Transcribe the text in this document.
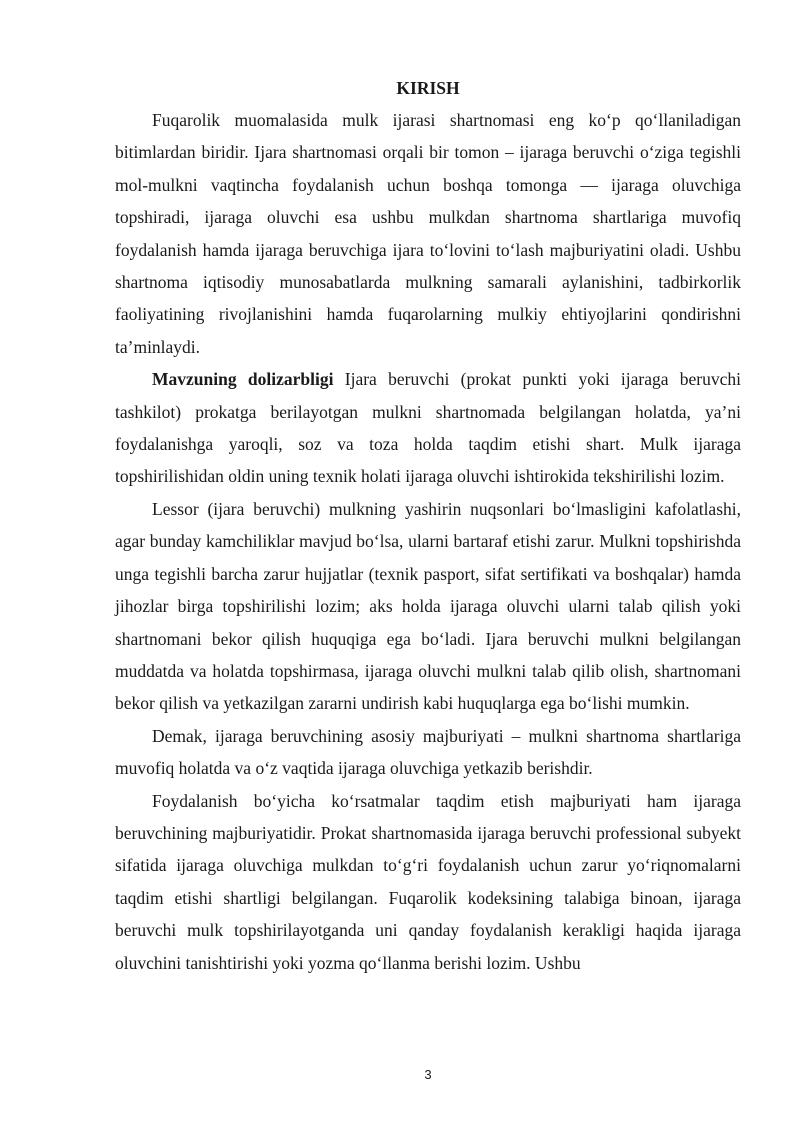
KIRISH

Fuqarolik muomalasida mulk ijarasi shartnomasi eng ko‘p qo‘llaniladigan bitimlardan biridir. Ijara shartnomasi orqali bir tomon – ijaraga beruvchi o‘ziga tegishli mol-mulkni vaqtincha foydalanish uchun boshqa tomonga — ijaraga oluvchiga topshiradi, ijaraga oluvchi esa ushbu mulkdan shartnoma shartlariga muvofiq foydalanish hamda ijaraga beruvchiga ijara to‘lovini to‘lash majburiyatini oladi. Ushbu shartnoma iqtisodiy munosabatlarda mulkning samarali aylanishini, tadbirkorlik faoliyatining rivojlanishini hamda fuqarolarning mulkiy ehtiyojlarini qondirishni ta’minlaydi.

Mavzuning dolizarbligi Ijara beruvchi (prokat punkti yoki ijaraga beruvchi tashkilot) prokatga berilayotgan mulkni shartnomada belgilangan holatda, ya’ni foydalanishga yaroqli, soz va toza holda taqdim etishi shart. Mulk ijaraga topshirilishidan oldin uning texnik holati ijaraga oluvchi ishtirokida tekshirilishi lozim.

Lessor (ijara beruvchi) mulkning yashirin nuqsonlari bo‘lmasligini kafolatlashi, agar bunday kamchiliklar mavjud bo‘lsa, ularni bartaraf etishi zarur. Mulkni topshirishda unga tegishli barcha zarur hujjatlar (texnik pasport, sifat sertifikati va boshqalar) hamda jihozlar birga topshirilishi lozim; aks holda ijaraga oluvchi ularni talab qilish yoki shartnomani bekor qilish huquqiga ega bo‘ladi. Ijara beruvchi mulkni belgilangan muddatda va holatda topshirmasa, ijaraga oluvchi mulkni talab qilib olish, shartnomani bekor qilish va yetkazilgan zararni undirish kabi huquqlarga ega bo‘lishi mumkin.

Demak, ijaraga beruvchining asosiy majburiyati – mulkni shartnoma shartlariga muvofiq holatda va o‘z vaqtida ijaraga oluvchiga yetkazib berishdir.

Foydalanish bo‘yicha ko‘rsatmalar taqdim etish majburiyati ham ijaraga beruvchining majburiyatidir. Prokat shartnomasida ijaraga beruvchi professional subyekt sifatida ijaraga oluvchiga mulkdan to‘g‘ri foydalanish uchun zarur yo‘riqnomalarni taqdim etishi shartligi belgilangan. Fuqarolik kodeksining talabiga binoan, ijaraga beruvchi mulk topshirilayotganda uni qanday foydalanish kerakligi haqida ijaraga oluvchini tanishtirishi yoki yozma qo‘llanma berishi lozim. Ushbu

3
